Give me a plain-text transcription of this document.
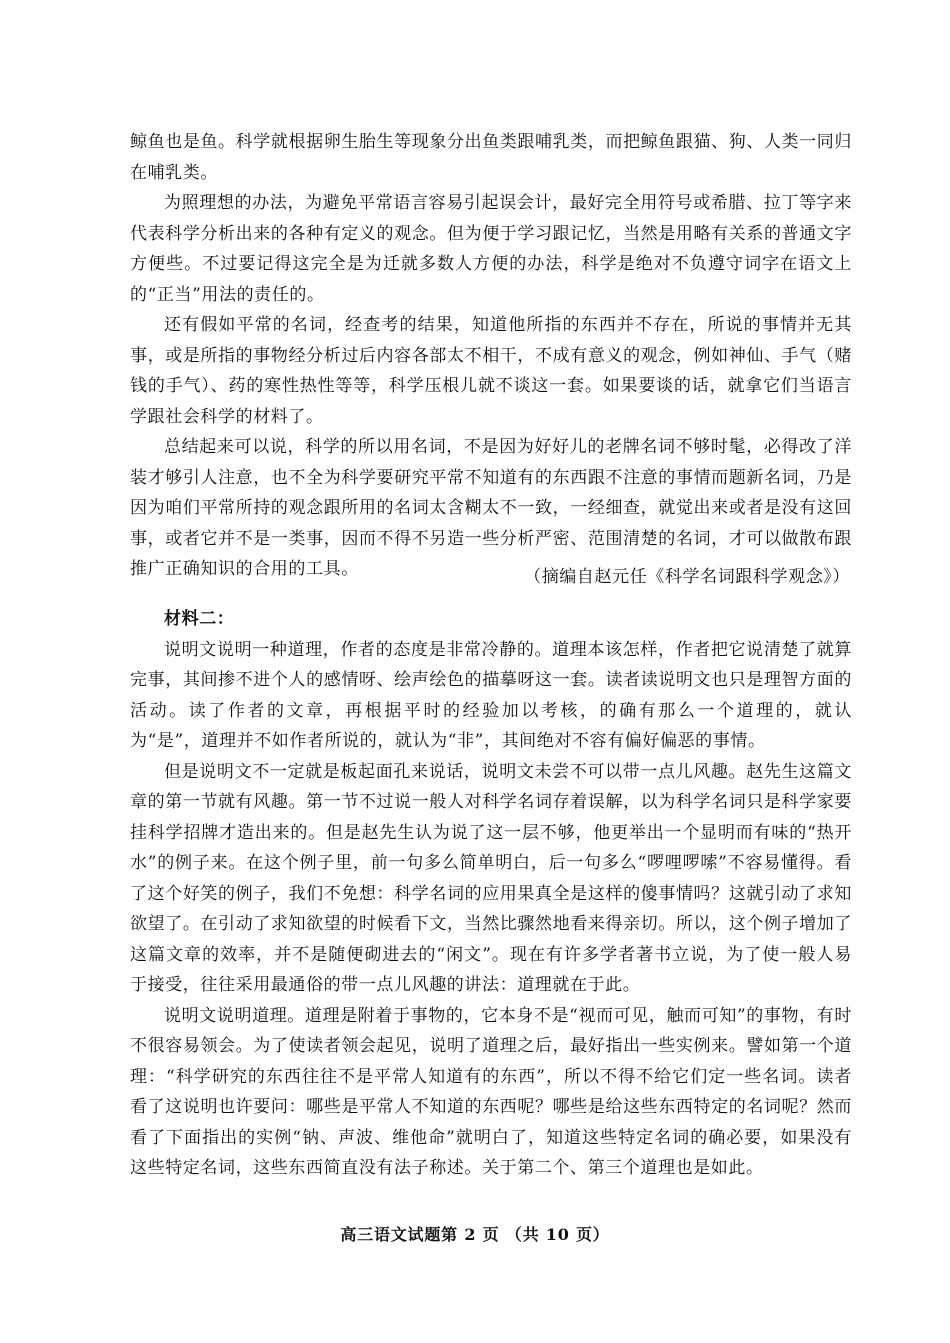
鲸鱼也是鱼。科学就根据卵生胎生等现象分出鱼类跟哺乳类，而把鲸鱼跟猫、狗、人类一同归在哺乳类。

为照理想的办法，为避免平常语言容易引起误会计，最好完全用符号或希腊、拉丁等字来代表科学分析出来的各种有定义的观念。但为便于学习跟记忆，当然是用略有关系的普通文字方便些。不过要记得这完全是为迁就多数人方便的办法，科学是绝对不负遵守词字在语文上的“正当”用法的责任的。

还有假如平常的名词，经查考的结果，知道他所指的东西并不存在，所说的事情并无其事，或是所指的事物经分析过后内容各部太不相干，不成有意义的观念，例如神仙、手气（赌钱的手气）、药的寒性热性等等，科学压根儿就不谈这一套。如果要谈的话，就拿它们当语言学跟社会科学的材料了。

总结起来可以说，科学的所以用名词，不是因为好好儿的老牌名词不够时髦，必得改了洋装才够引人注意，也不全为科学要研究平常不知道有的东西跟不注意的事情而题新名词，乃是因为咱们平常所持的观念跟所用的名词太含糊太不一致，一经细查，就觉出来或者是没有这回事，或者它并不是一类事，因而不得不另造一些分析严密、范围清楚的名词，才可以做散布跟推广正确知识的合用的工具。	（摘编自赵元任《科学名词跟科学观念》）

材料二：

说明文说明一种道理，作者的态度是非常冷静的。道理本该怎样，作者把它说清楚了就算完事，其间掺不进个人的感情呀、绘声绘色的描摹呀这一套。读者读说明文也只是理智方面的活动。读了作者的文章，再根据平时的经验加以考核，的确有那么一个道理的，就认为“是”，道理并不如作者所说的，就认为“非”，其间绝对不容有偏好偏恶的事情。

但是说明文不一定就是板起面孔来说话，说明文未尝不可以带一点儿风趣。赵先生这篇文章的第一节就有风趣。第一节不过说一般人对科学名词存着误解，以为科学名词只是科学家要挂科学招牌才造出来的。但是赵先生认为说了这一层不够，他更举出一个显明而有味的“热开水”的例子来。在这个例子里，前一句多么简单明白，后一句多么“啰哩啰嗦”不容易懂得。看了这个好笑的例子，我们不免想：科学名词的应用果真全是这样的傻事情吗？这就引动了求知欲望了。在引动了求知欲望的时候看下文，当然比骤然地看来得亲切。所以，这个例子增加了这篇文章的效率，并不是随便砌进去的“闲文”。现在有许多学者著书立说，为了使一般人易于接受，往往采用最通俗的带一点儿风趣的讲法：道理就在于此。

说明文说明道理。道理是附着于事物的，它本身不是“视而可见，触而可知”的事物，有时不很容易领会。为了使读者领会起见，说明了道理之后，最好指出一些实例来。譬如第一个道理：“科学研究的东西往往不是平常人知道有的东西”，所以不得不给它们定一些名词。读者看了这说明也许要问：哪些是平常人不知道的东西呢？哪些是给这些东西特定的名词呢？然而看了下面指出的实例“钠、声波、维他命”就明白了，知道这些特定名词的确必要，如果没有这些特定名词，这些东西简直没有法子称述。关于第二个、第三个道理也是如此。

高三语文试题第 2 页 （共 10 页）
